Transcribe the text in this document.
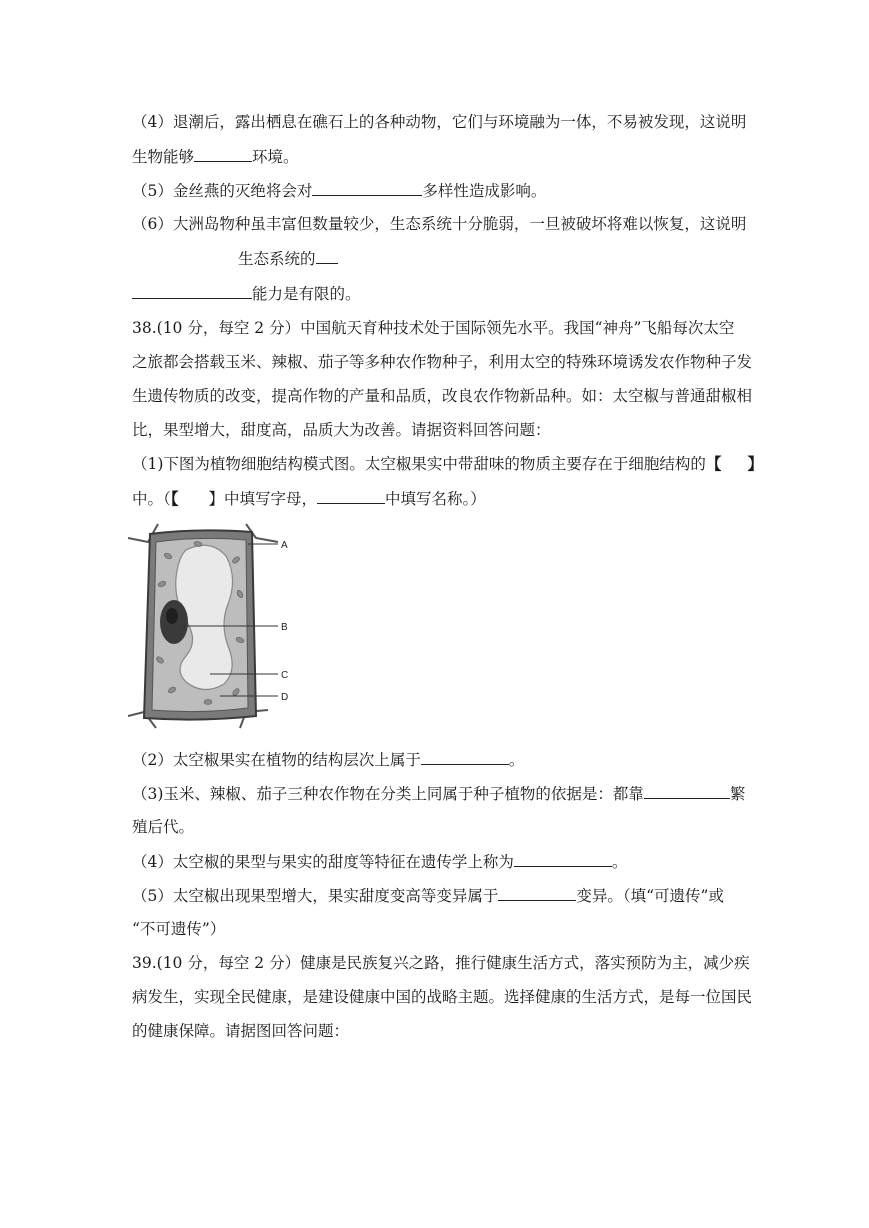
（4）退潮后，露出栖息在礁石上的各种动物，它们与环境融为一体，不易被发现，这说明
生物能够	环境。
（5）金丝燕的灭绝将会对	多样性造成影响。
（6）大洲岛物种虽丰富但数量较少，生态系统十分脆弱，一旦被破坏将难以恢复，这说明
生态系统的
能力是有限的。
38.(10 分，每空 2 分）中国航天育种技术处于国际领先水平。我国“神舟”飞船每次太空
之旅都会搭载玉米、辣椒、茄子等多种农作物种子，利用太空的特殊环境诱发农作物种子发
生遗传物质的改变，提高作物的产量和品质，改良农作物新品种。如：太空椒与普通甜椒相
比，果型增大，甜度高，品质大为改善。请据资料回答问题：
（1)下图为植物细胞结构模式图。太空椒果实中带甜味的物质主要存在于细胞结构的【 】
中。（【 】中填写字母，	中填写名称。）
A
B
C
D
（2）太空椒果实在植物的结构层次上属于	。
（3)玉米、辣椒、茄子三种农作物在分类上同属于种子植物的依据是：都靠	繁
殖后代。
（4）太空椒的果型与果实的甜度等特征在遗传学上称为	。
（5）太空椒出现果型增大，果实甜度变高等变异属于	变异。（填“可遗传”或
“不可遗传”）
39.(10 分，每空 2 分）健康是民族复兴之路，推行健康生活方式，落实预防为主，减少疾
病发生，实现全民健康，是建设健康中国的战略主题。选择健康的生活方式，是每一位国民
的健康保障。请据图回答问题：
